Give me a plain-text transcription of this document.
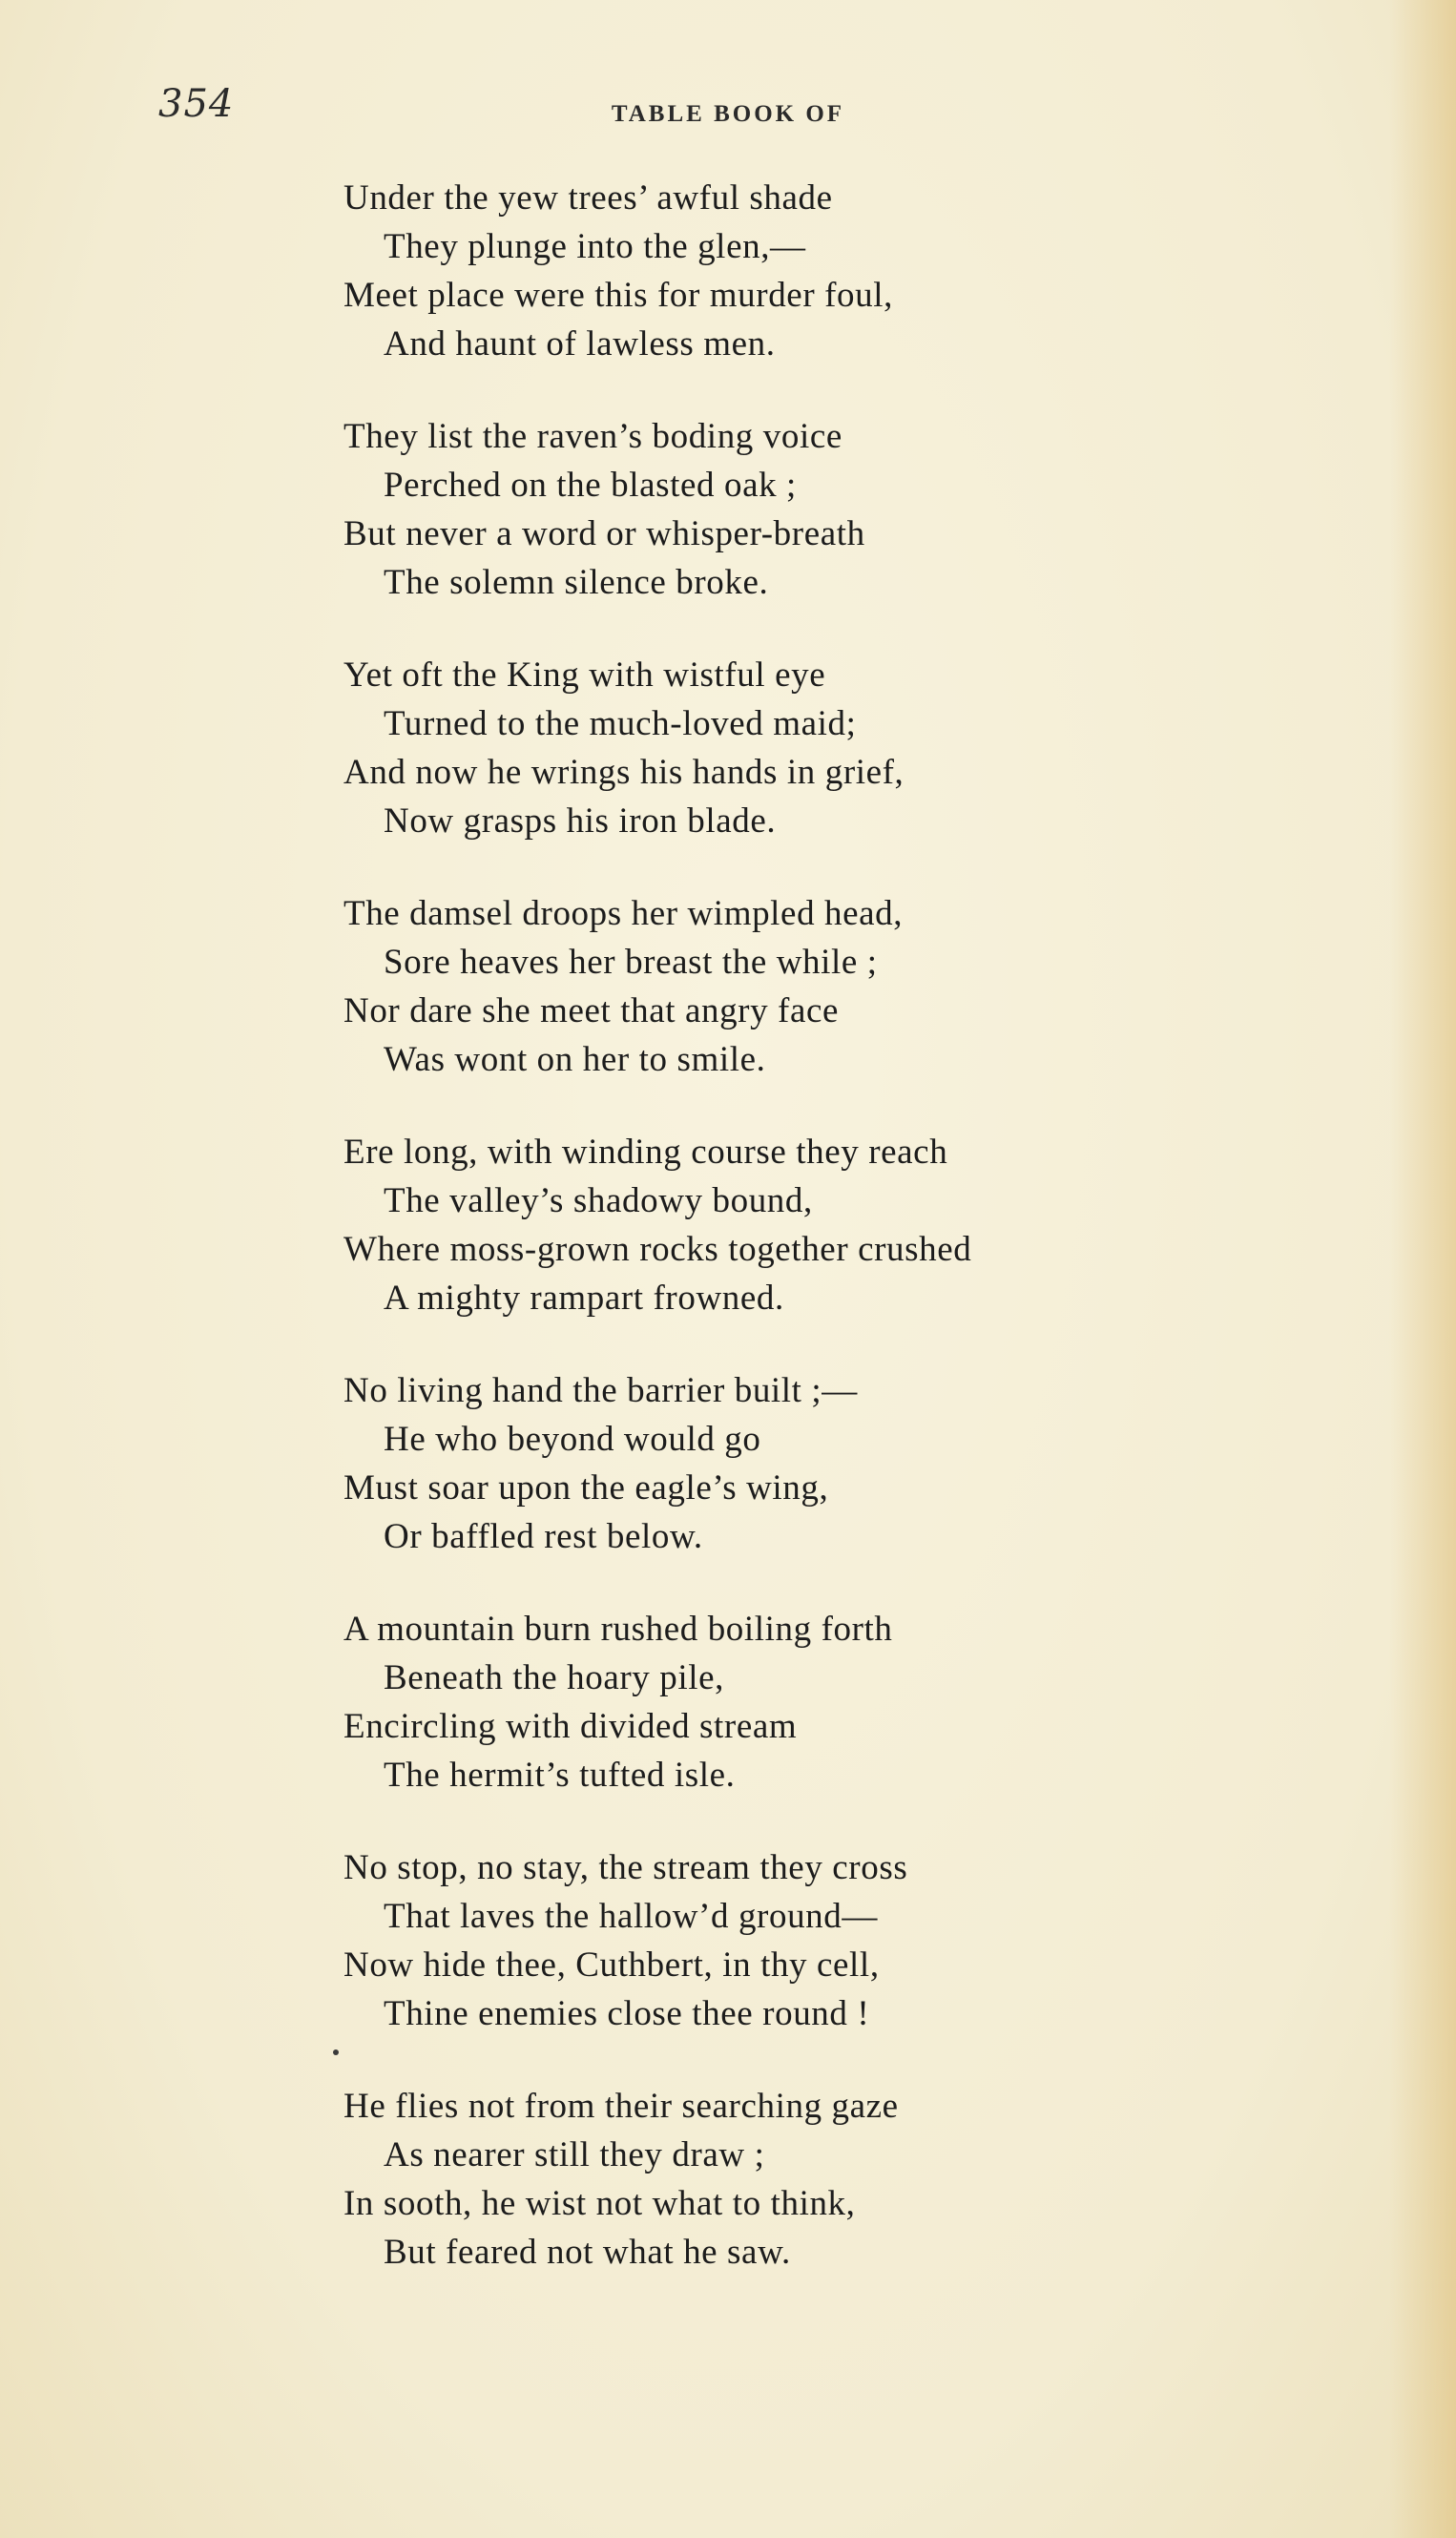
354	TABLE BOOK OF
Under the yew trees’ awful shade
They plunge into the glen,—
Meet place were this for murder foul,
And haunt of lawless men.
They list the raven’s boding voice
Perched on the blasted oak ;
But never a word or whisper-breath
The solemn silence broke.
Yet oft the King with wistful eye
Turned to the much-loved maid;
And now he wrings his hands in grief,
Now grasps his iron blade.
The damsel droops her wimpled head,
Sore heaves her breast the while ;
Nor dare she meet that angry face
Was wont on her to smile.
Ere long, with winding course they reach
The valley’s shadowy bound,
Where moss-grown rocks together crushed
A mighty rampart frowned.
No living hand the barrier built ;—
He who beyond would go
Must soar upon the eagle’s wing,
Or baffled rest below.
A mountain burn rushed boiling forth
Beneath the hoary pile,
Encircling with divided stream
The hermit’s tufted isle.
No stop, no stay, the stream they cross
That laves the hallow’d ground—
Now hide thee, Cuthbert, in thy cell,
Thine enemies close thee round !
He flies not from their searching gaze
As nearer still they draw ;
In sooth, he wist not what to think,
But feared not what he saw.
